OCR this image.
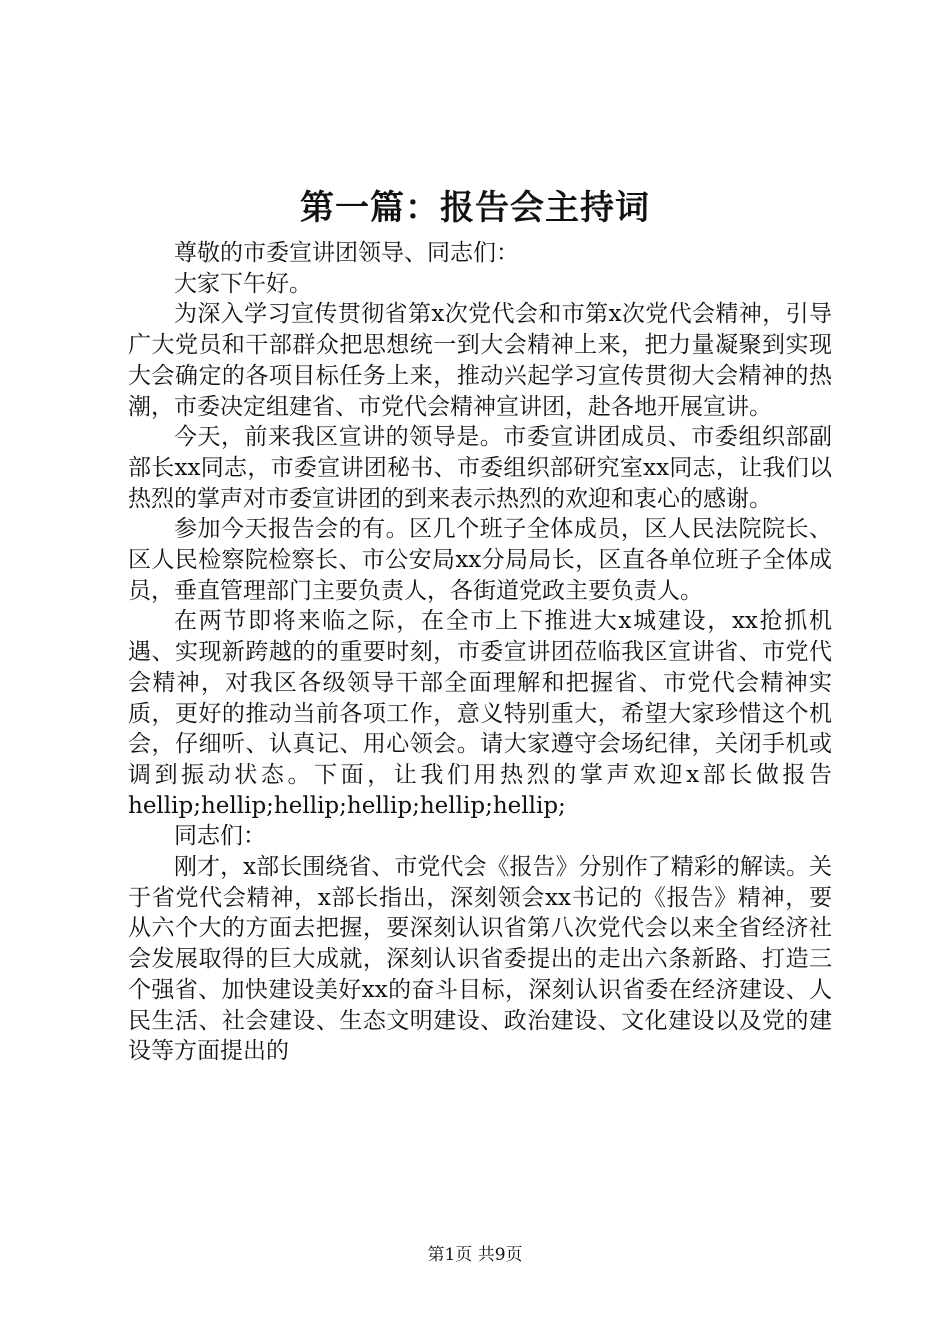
第一篇：报告会主持词

尊敬的市委宣讲团领导、同志们：

大家下午好。

为深入学习宣传贯彻省第x次党代会和市第x次党代会精神，引导广大党员和干部群众把思想统一到大会精神上来，把力量凝聚到实现大会确定的各项目标任务上来，推动兴起学习宣传贯彻大会精神的热潮，市委决定组建省、市党代会精神宣讲团，赴各地开展宣讲。

今天，前来我区宣讲的领导是。市委宣讲团成员、市委组织部副部长xx同志，市委宣讲团秘书、市委组织部研究室xx同志，让我们以热烈的掌声对市委宣讲团的到来表示热烈的欢迎和衷心的感谢。

参加今天报告会的有。区几个班子全体成员，区人民法院院长、区人民检察院检察长、市公安局xx分局局长，区直各单位班子全体成员，垂直管理部门主要负责人，各街道党政主要负责人。

在两节即将来临之际，在全市上下推进大x城建设，xx抢抓机遇、实现新跨越的的重要时刻，市委宣讲团莅临我区宣讲省、市党代会精神，对我区各级领导干部全面理解和把握省、市党代会精神实质，更好的推动当前各项工作，意义特别重大，希望大家珍惜这个机会，仔细听、认真记、用心领会。请大家遵守会场纪律，关闭手机或调到振动状态。下面，让我们用热烈的掌声欢迎x部长做报告

hellip;hellip;hellip;hellip;hellip;hellip;

同志们：

刚才，x部长围绕省、市党代会《报告》分别作了精彩的解读。关于省党代会精神，x部长指出，深刻领会xx书记的《报告》精神，要从六个大的方面去把握，要深刻认识省第八次党代会以来全省经济社会发展取得的巨大成就，深刻认识省委提出的走出六条新路、打造三个强省、加快建设美好xx的奋斗目标，深刻认识省委在经济建设、人民生活、社会建设、生态文明建设、政治建设、文化建设以及党的建设等方面提出的

第1页 共9页
